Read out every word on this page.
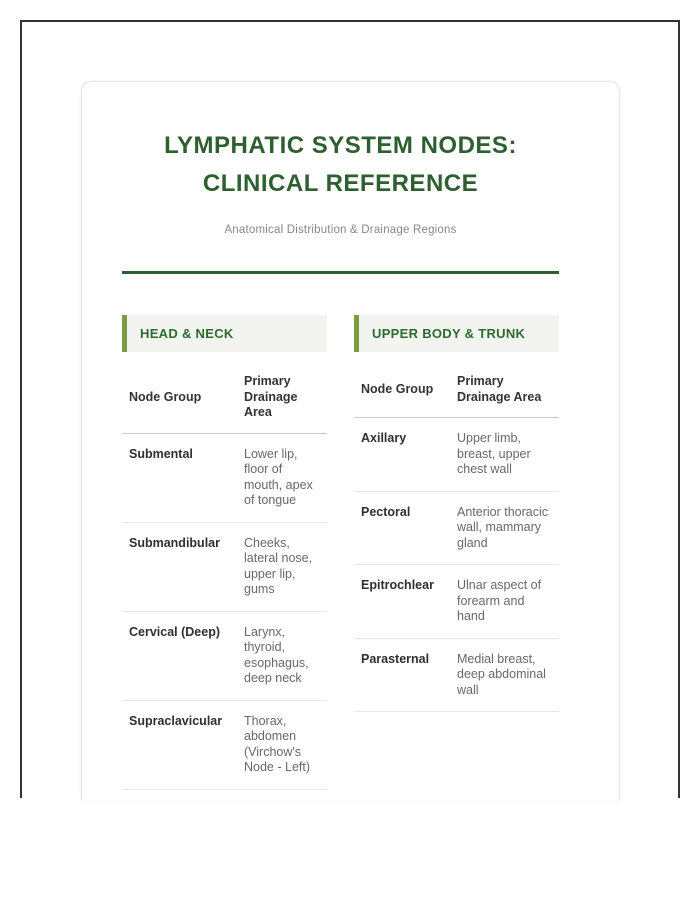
LYMPHATIC SYSTEM NODES:
CLINICAL REFERENCE
Anatomical Distribution & Drainage Regions
HEAD & NECK
Node Group	Primary Drainage Area
Submental	Lower lip, floor of mouth, apex of tongue
Submandibular	Cheeks, lateral nose, upper lip, gums
Cervical (Deep)	Larynx, thyroid, esophagus, deep neck
Supraclavicular	Thorax, abdomen (Virchow's Node - Left)
UPPER BODY & TRUNK
Node Group	Primary Drainage Area
Axillary	Upper limb, breast, upper chest wall
Pectoral	Anterior thoracic wall, mammary gland
Epitrochlear	Ulnar aspect of forearm and hand
Parasternal	Medial breast, deep abdominal wall
